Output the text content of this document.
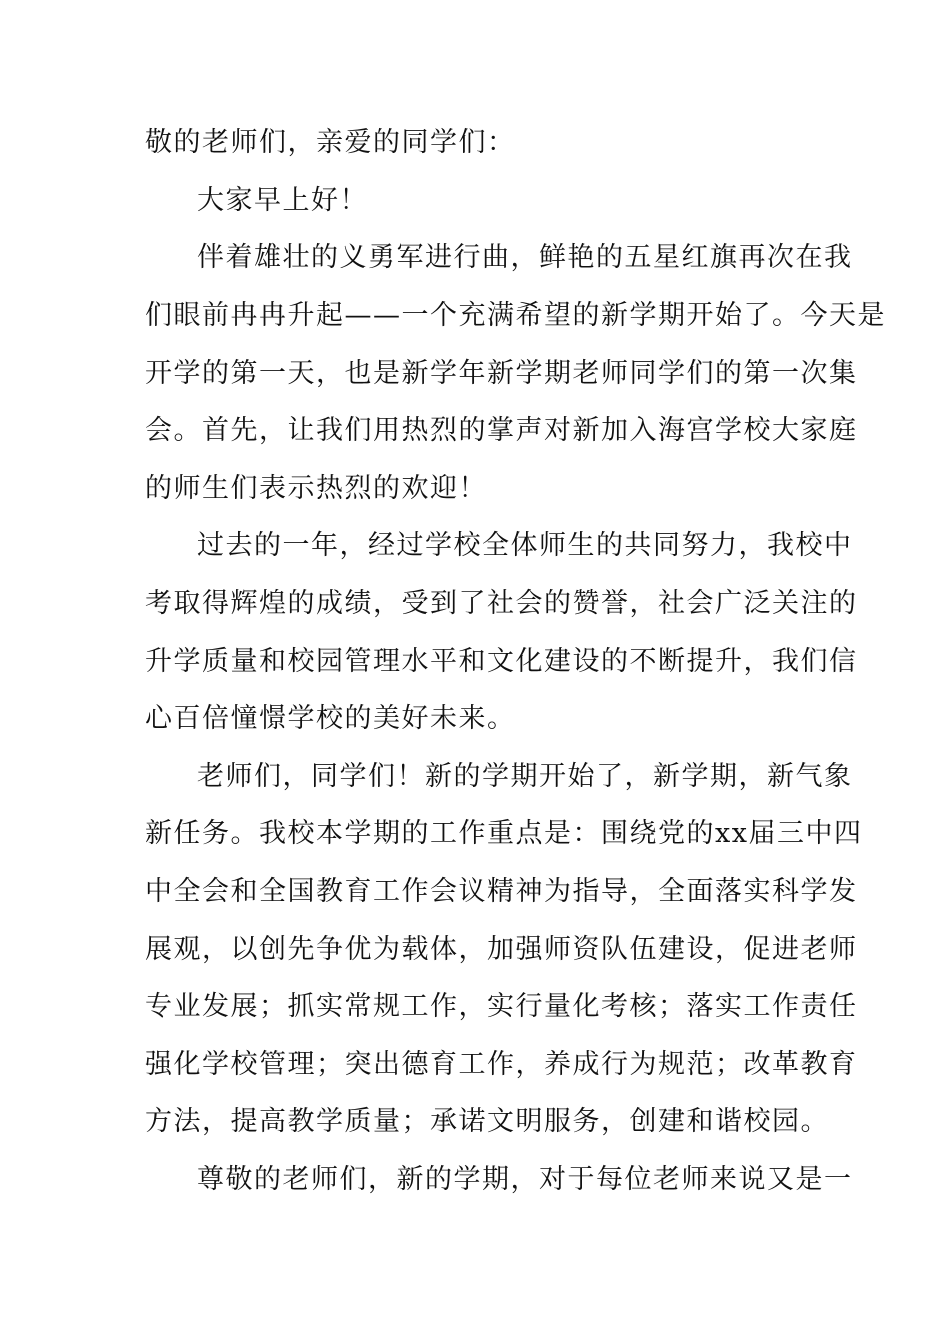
敬的老师们，亲爱的同学们：
大家早上好！
伴着雄壮的义勇军进行曲，鲜艳的五星红旗再次在我
们眼前冉冉升起——一个充满希望的新学期开始了。今天是
开学的第一天，也是新学年新学期老师同学们的第一次集
会。首先，让我们用热烈的掌声对新加入海宫学校大家庭
的师生们表示热烈的欢迎！
过去的一年，经过学校全体师生的共同努力，我校中
考取得辉煌的成绩，受到了社会的赞誉，社会广泛关注的
升学质量和校园管理水平和文化建设的不断提升，我们信
心百倍憧憬学校的美好未来。
老师们，同学们！新的学期开始了，新学期，新气象
新任务。我校本学期的工作重点是：围绕党的xx届三中四
中全会和全国教育工作会议精神为指导，全面落实科学发
展观，以创先争优为载体，加强师资队伍建设，促进老师
专业发展；抓实常规工作，实行量化考核；落实工作责任
强化学校管理；突出德育工作，养成行为规范；改革教育
方法，提高教学质量；承诺文明服务，创建和谐校园。
尊敬的老师们，新的学期，对于每位老师来说又是一
